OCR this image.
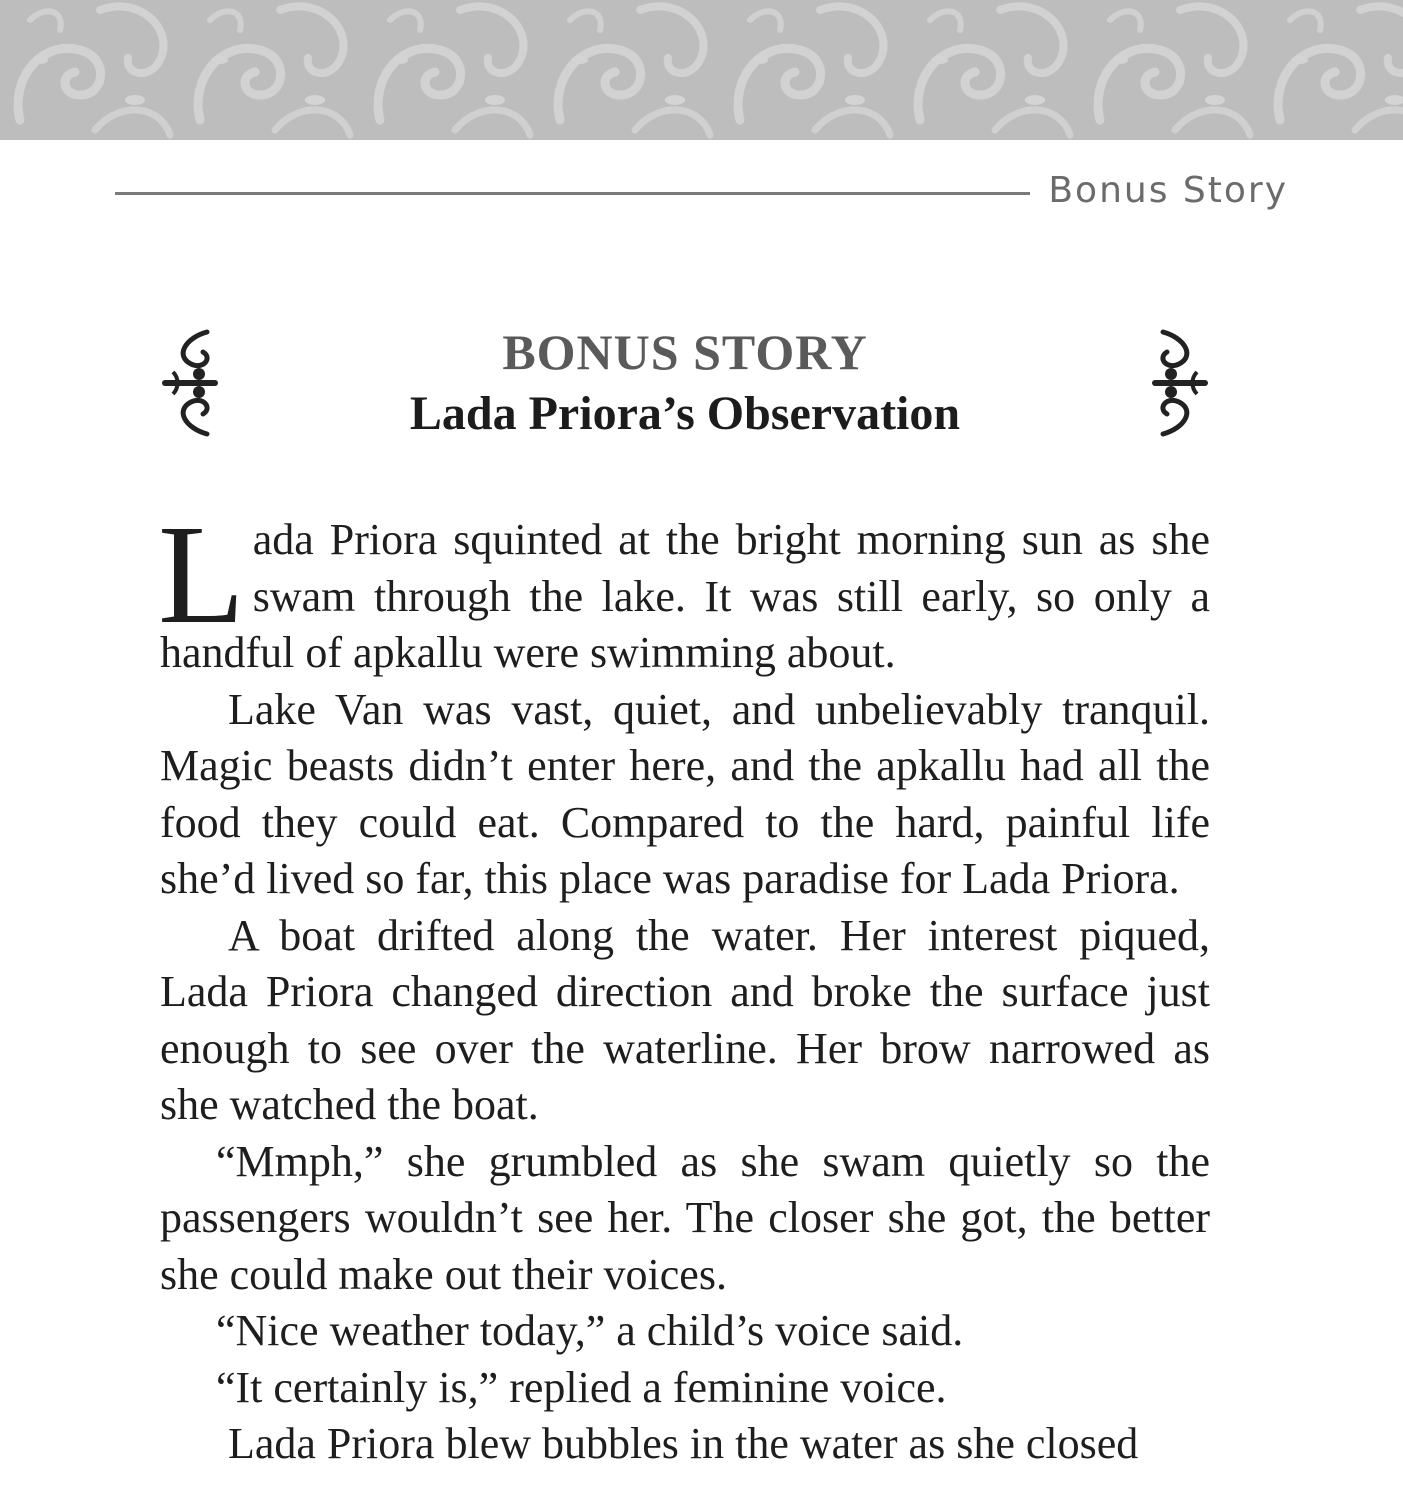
Bonus Story
BONUS STORY
Lada Priora’s Observation

Lada Priora squinted at the bright morning sun as she swam through the lake. It was still early, so only a handful of apkallu were swimming about.

Lake Van was vast, quiet, and unbelievably tranquil. Magic beasts didn’t enter here, and the apkallu had all the food they could eat. Compared to the hard, painful life she’d lived so far, this place was paradise for Lada Priora.

A boat drifted along the water. Her interest piqued, Lada Priora changed direction and broke the surface just enough to see over the waterline. Her brow narrowed as she watched the boat.

“Mmph,” she grumbled as she swam quietly so the passengers wouldn’t see her. The closer she got, the better she could make out their voices.

“Nice weather today,” a child’s voice said.

“It certainly is,” replied a feminine voice.

Lada Priora blew bubbles in the water as she closed
